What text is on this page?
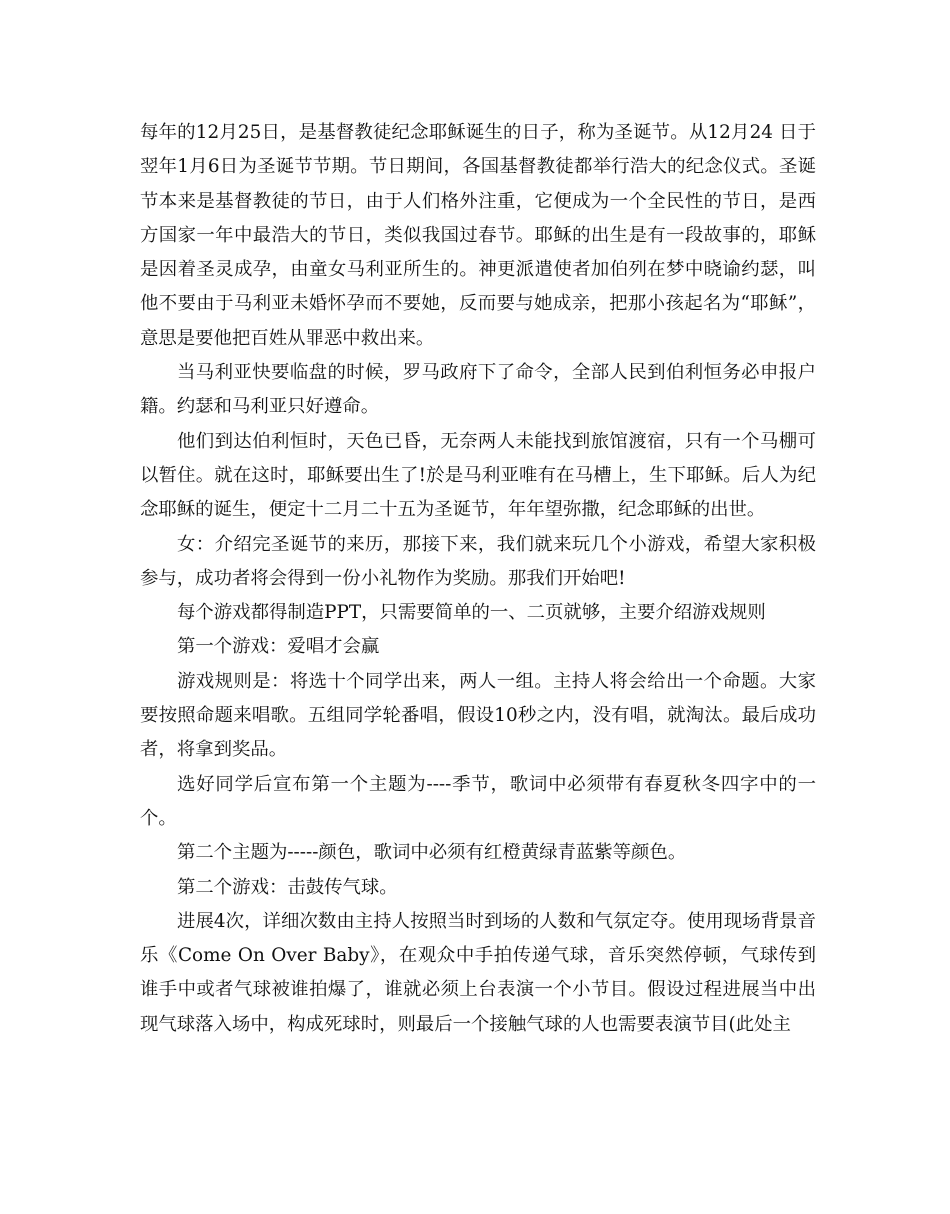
每年的12月25日，是基督教徒纪念耶稣诞生的日子，称为圣诞节。从12月24 日于翌年1月6日为圣诞节节期。节日期间，各国基督教徒都举行浩大的纪念仪式。圣诞节本来是基督教徒的节日，由于人们格外注重，它便成为一个全民性的节日，是西方国家一年中最浩大的节日，类似我国过春节。耶稣的出生是有一段故事的，耶稣是因着圣灵成孕，由童女马利亚所生的。神更派遣使者加伯列在梦中晓谕约瑟，叫他不要由于马利亚未婚怀孕而不要她，反而要与她成亲，把那小孩起名为“耶稣”，意思是要他把百姓从罪恶中救出来。

当马利亚快要临盘的时候，罗马政府下了命令，全部人民到伯利恒务必申报户籍。约瑟和马利亚只好遵命。

他们到达伯利恒时，天色已昏，无奈两人未能找到旅馆渡宿，只有一个马棚可以暂住。就在这时，耶稣要出生了!於是马利亚唯有在马槽上，生下耶稣。后人为纪念耶稣的诞生，便定十二月二十五为圣诞节，年年望弥撒，纪念耶稣的出世。

女：介绍完圣诞节的来历，那接下来，我们就来玩几个小游戏，希望大家积极参与，成功者将会得到一份小礼物作为奖励。那我们开始吧!

每个游戏都得制造PPT，只需要简单的一、二页就够，主要介绍游戏规则

第一个游戏：爱唱才会赢

游戏规则是：将选十个同学出来，两人一组。主持人将会给出一个命题。大家要按照命题来唱歌。五组同学轮番唱，假设10秒之内，没有唱，就淘汰。最后成功者，将拿到奖品。

选好同学后宣布第一个主题为----季节，歌词中必须带有春夏秋冬四字中的一个。

第二个主题为-----颜色，歌词中必须有红橙黄绿青蓝紫等颜色。

第二个游戏：击鼓传气球。

进展4次，详细次数由主持人按照当时到场的人数和气氛定夺。使用现场背景音乐《Come On Over Baby》，在观众中手拍传递气球，音乐突然停顿，气球传到谁手中或者气球被谁拍爆了，谁就必须上台表演一个小节目。假设过程进展当中出现气球落入场中，构成死球时，则最后一个接触气球的人也需要表演节目(此处主
